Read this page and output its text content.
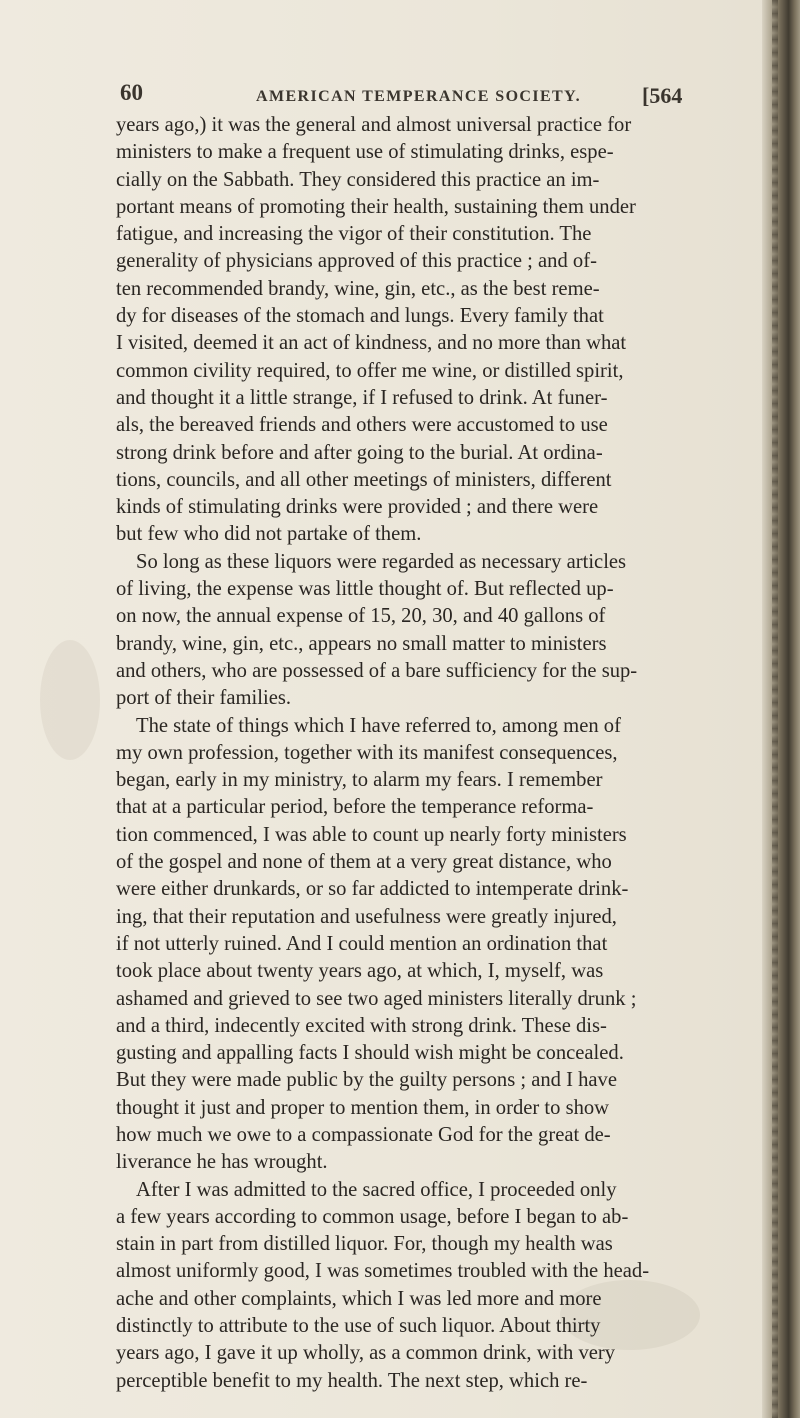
60	AMERICAN TEMPERANCE SOCIETY.	[564
years ago,) it was the general and almost universal practice for
ministers to make a frequent use of stimulating drinks, espe-
cially on the Sabbath. They considered this practice an im-
portant means of promoting their health, sustaining them under
fatigue, and increasing the vigor of their constitution. The
generality of physicians approved of this practice ; and of-
ten recommended brandy, wine, gin, etc., as the best reme-
dy for diseases of the stomach and lungs. Every family that
I visited, deemed it an act of kindness, and no more than what
common civility required, to offer me wine, or distilled spirit,
and thought it a little strange, if I refused to drink. At funer-
als, the bereaved friends and others were accustomed to use
strong drink before and after going to the burial. At ordina-
tions, councils, and all other meetings of ministers, different
kinds of stimulating drinks were provided ; and there were
but few who did not partake of them.
So long as these liquors were regarded as necessary articles
of living, the expense was little thought of. But reflected up-
on now, the annual expense of 15, 20, 30, and 40 gallons of
brandy, wine, gin, etc., appears no small matter to ministers
and others, who are possessed of a bare sufficiency for the sup-
port of their families.
The state of things which I have referred to, among men of
my own profession, together with its manifest consequences,
began, early in my ministry, to alarm my fears. I remember
that at a particular period, before the temperance reforma-
tion commenced, I was able to count up nearly forty ministers
of the gospel and none of them at a very great distance, who
were either drunkards, or so far addicted to intemperate drink-
ing, that their reputation and usefulness were greatly injured,
if not utterly ruined. And I could mention an ordination that
took place about twenty years ago, at which, I, myself, was
ashamed and grieved to see two aged ministers literally drunk ;
and a third, indecently excited with strong drink. These dis-
gusting and appalling facts I should wish might be concealed.
But they were made public by the guilty persons ; and I have
thought it just and proper to mention them, in order to show
how much we owe to a compassionate God for the great de-
liverance he has wrought.
After I was admitted to the sacred office, I proceeded only
a few years according to common usage, before I began to ab-
stain in part from distilled liquor. For, though my health was
almost uniformly good, I was sometimes troubled with the head-
ache and other complaints, which I was led more and more
distinctly to attribute to the use of such liquor. About thirty
years ago, I gave it up wholly, as a common drink, with very
perceptible benefit to my health. The next step, which re-
